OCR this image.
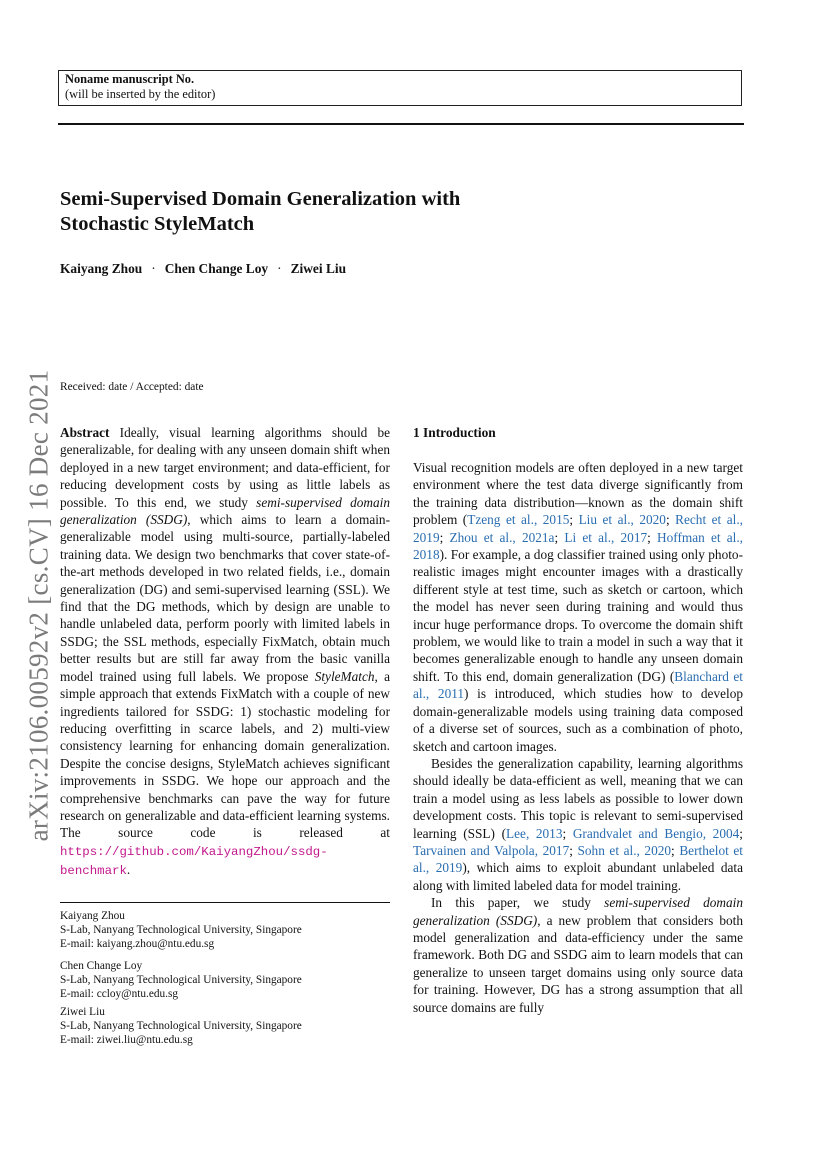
arXiv:2106.00592v2 [cs.CV] 16 Dec 2021
Noname manuscript No.
(will be inserted by the editor)
Semi-Supervised Domain Generalization with
Stochastic StyleMatch
Kaiyang Zhou · Chen Change Loy · Ziwei Liu
Received: date / Accepted: date

Abstract Ideally, visual learning algorithms should be generalizable, for dealing with any unseen domain shift when deployed in a new target environment; and data-efficient, for reducing development costs by using as little labels as possible. To this end, we study semi-supervised domain generalization (SSDG), which aims to learn a domain-generalizable model using multi-source, partially-labeled training data. We design two benchmarks that cover state-of-the-art methods developed in two related fields, i.e., domain generalization (DG) and semi-supervised learning (SSL). We find that the DG methods, which by design are unable to handle unlabeled data, perform poorly with limited labels in SSDG; the SSL methods, especially FixMatch, obtain much better results but are still far away from the basic vanilla model trained using full labels. We propose StyleMatch, a simple approach that extends FixMatch with a couple of new ingredients tailored for SSDG: 1) stochastic modeling for reducing overfitting in scarce labels, and 2) multi-view consistency learning for enhancing domain generalization. Despite the concise designs, StyleMatch achieves significant improvements in SSDG. We hope our approach and the comprehensive benchmarks can pave the way for future research on generalizable and data-efficient learning systems. The source code is released at https://github.com/KaiyangZhou/ssdg-benchmark.

Kaiyang Zhou
S-Lab, Nanyang Technological University, Singapore
E-mail: kaiyang.zhou@ntu.edu.sg
Chen Change Loy
S-Lab, Nanyang Technological University, Singapore
E-mail: ccloy@ntu.edu.sg
Ziwei Liu
S-Lab, Nanyang Technological University, Singapore
E-mail: ziwei.liu@ntu.edu.sg
1 Introduction

Visual recognition models are often deployed in a new target environment where the test data diverge significantly from the training data distribution—known as the domain shift problem (Tzeng et al., 2015; Liu et al., 2020; Recht et al., 2019; Zhou et al., 2021a; Li et al., 2017; Hoffman et al., 2018). For example, a dog classifier trained using only photo-realistic images might encounter images with a drastically different style at test time, such as sketch or cartoon, which the model has never seen during training and would thus incur huge performance drops. To overcome the domain shift problem, we would like to train a model in such a way that it becomes generalizable enough to handle any unseen domain shift. To this end, domain generalization (DG) (Blanchard et al., 2011) is introduced, which studies how to develop domain-generalizable models using training data composed of a diverse set of sources, such as a combination of photo, sketch and cartoon images.

Besides the generalization capability, learning algorithms should ideally be data-efficient as well, meaning that we can train a model using as less labels as possible to lower down development costs. This topic is relevant to semi-supervised learning (SSL) (Lee, 2013; Grandvalet and Bengio, 2004; Tarvainen and Valpola, 2017; Sohn et al., 2020; Berthelot et al., 2019), which aims to exploit abundant unlabeled data along with limited labeled data for model training.

In this paper, we study semi-supervised domain generalization (SSDG), a new problem that considers both model generalization and data-efficiency under the same framework. Both DG and SSDG aim to learn models that can generalize to unseen target domains using only source data for training. However, DG has a strong assumption that all source domains are fully
